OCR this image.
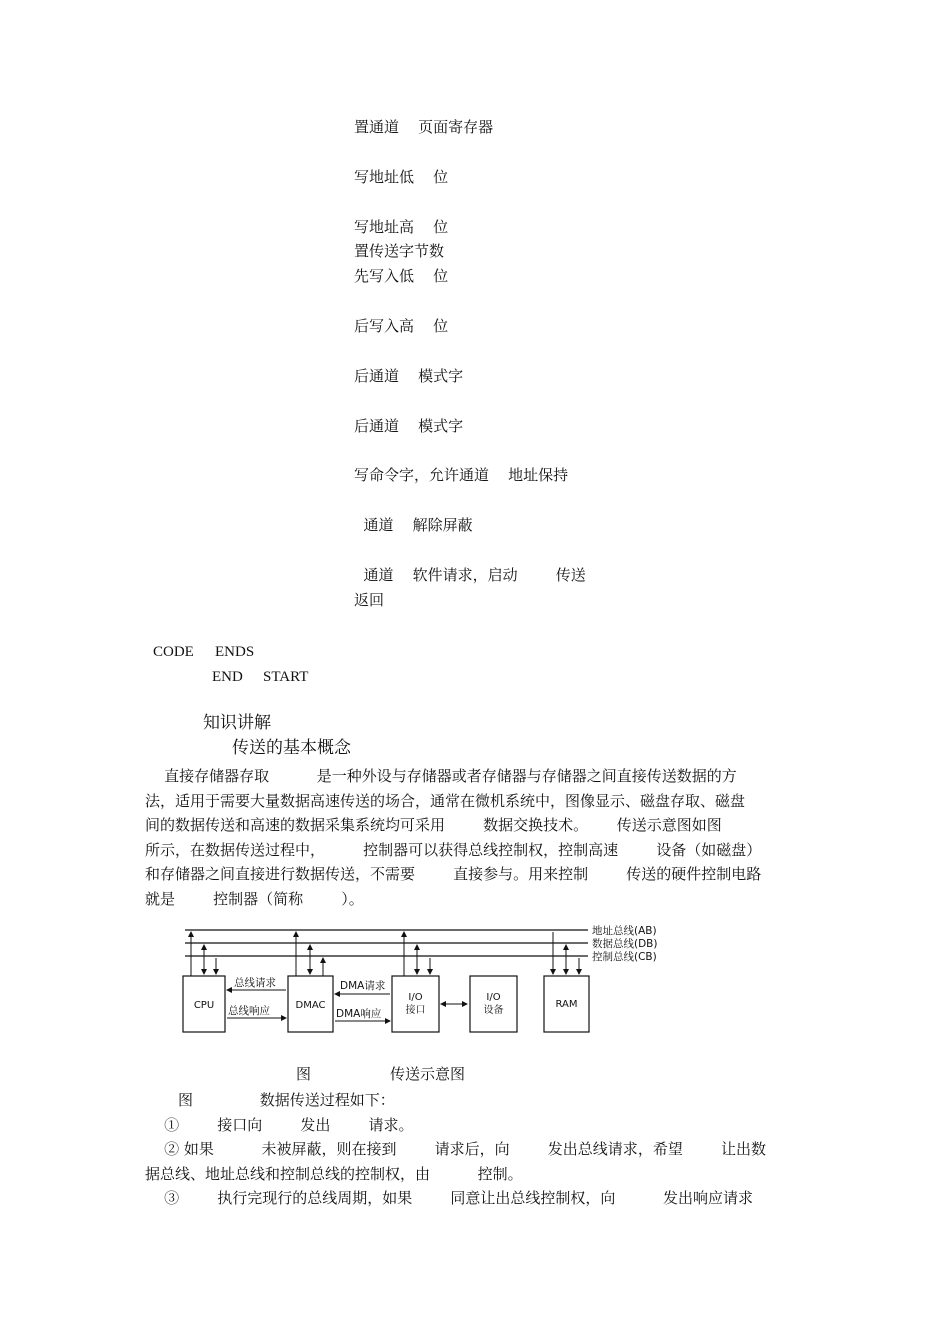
置通道    页面寄存器
写地址低    位
写地址高    位
置传送字节数
先写入低    位
后写入高    位
后通道    模式字
后通道    模式字
写命令字，允许通道    地址保持
通道    解除屏蔽
通道    软件请求，启动        传送
返回

CODE

ENDS

END

START

知识讲解
传送的基本概念

直接存储器存取          是一种外设与存储器或者存储器与存储器之间直接传送数据的方

法，适用于需要大量数据高速传送的场合，通常在微机系统中，图像显示、磁盘存取、磁盘

间的数据传送和高速的数据采集系统均可采用        数据交换技术。      传送示意图如图

所示，在数据传送过程中，        控制器可以获得总线控制权，控制高速        设备（如磁盘）

和存储器之间直接进行数据传送，不需要        直接参与。用来控制        传送的硬件控制电路

就是        控制器（简称        ）。

地址总线(AB)
数据总线(DB)
控制总线(CB)
CPU	DMAC
总线请求
总线响应
I/O
接口
DMA请求
DMA响应
I/O
设备
RAM

图

	传送示意图

图              数据传送过程如下：

①        接口向        发出        请求。

② 如果          未被屏蔽，则在接到        请求后，向        发出总线请求，希望        让出数

据总线、地址总线和控制总线的控制权，由          控制。

③        执行完现行的总线周期，如果        同意让出总线控制权，向          发出响应请求
